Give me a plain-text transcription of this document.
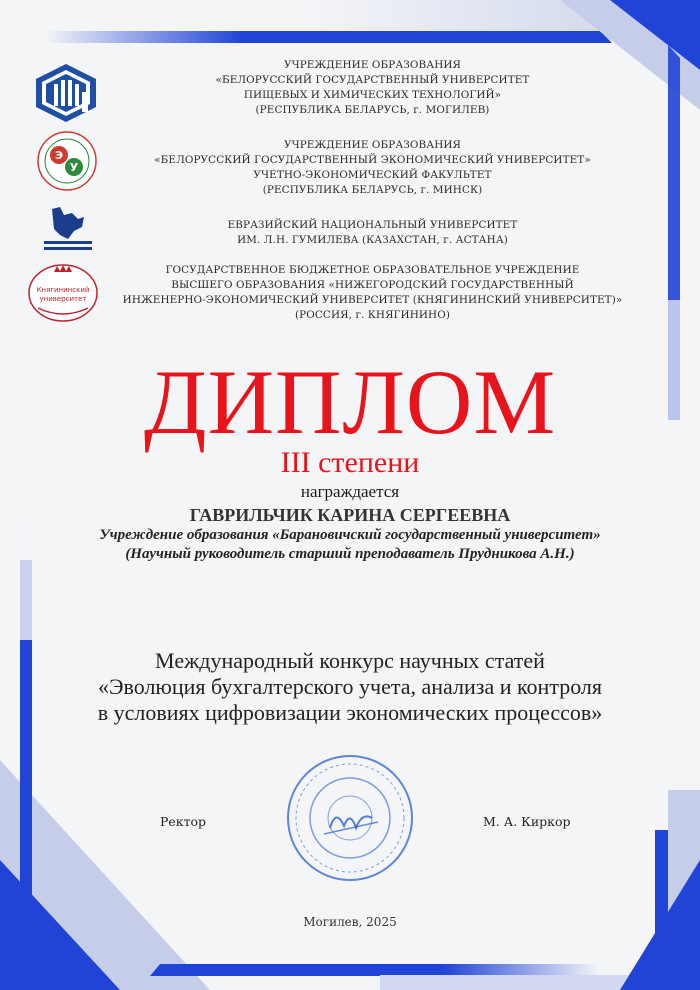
Э
У
Княгининский
университет
УЧРЕЖДЕНИЕ ОБРАЗОВАНИЯ
«БЕЛОРУССКИЙ ГОСУДАРСТВЕННЫЙ УНИВЕРСИТЕТ
ПИЩЕВЫХ И ХИМИЧЕСКИХ ТЕХНОЛОГИЙ»
(РЕСПУБЛИКА БЕЛАРУСЬ, г. МОГИЛЕВ)
УЧРЕЖДЕНИЕ ОБРАЗОВАНИЯ
«БЕЛОРУССКИЙ ГОСУДАРСТВЕННЫЙ ЭКОНОМИЧЕСКИЙ УНИВЕРСИТЕТ»
УЧЕТНО-ЭКОНОМИЧЕСКИЙ ФАКУЛЬТЕТ
(РЕСПУБЛИКА БЕЛАРУСЬ, г. МИНСК)
ЕВРАЗИЙСКИЙ НАЦИОНАЛЬНЫЙ УНИВЕРСИТЕТ
ИМ. Л.Н. ГУМИЛЕВА (КАЗАХСТАН, г. АСТАНА)
ГОСУДАРСТВЕННОЕ БЮДЖЕТНОЕ ОБРАЗОВАТЕЛЬНОЕ УЧРЕЖДЕНИЕ
ВЫСШЕГО ОБРАЗОВАНИЯ «НИЖЕГОРОДСКИЙ ГОСУДАРСТВЕННЫЙ
ИНЖЕНЕРНО-ЭКОНОМИЧЕСКИЙ УНИВЕРСИТЕТ (КНЯГИНИНСКИЙ УНИВЕРСИТЕТ)»
(РОССИЯ, г. КНЯГИНИНО)
ДИПЛОМ
III степени
награждается
ГАВРИЛЬЧИК КАРИНА СЕРГЕЕВНА
Учреждение образования «Барановичский государственный университет»
(Научный руководитель старший преподаватель Прудникова А.Н.)
Международный конкурс научных статей
«Эволюция бухгалтерского учета, анализа и контроля
в условиях цифровизации экономических процессов»
Ректор	М. А. Киркор
Могилев, 2025
